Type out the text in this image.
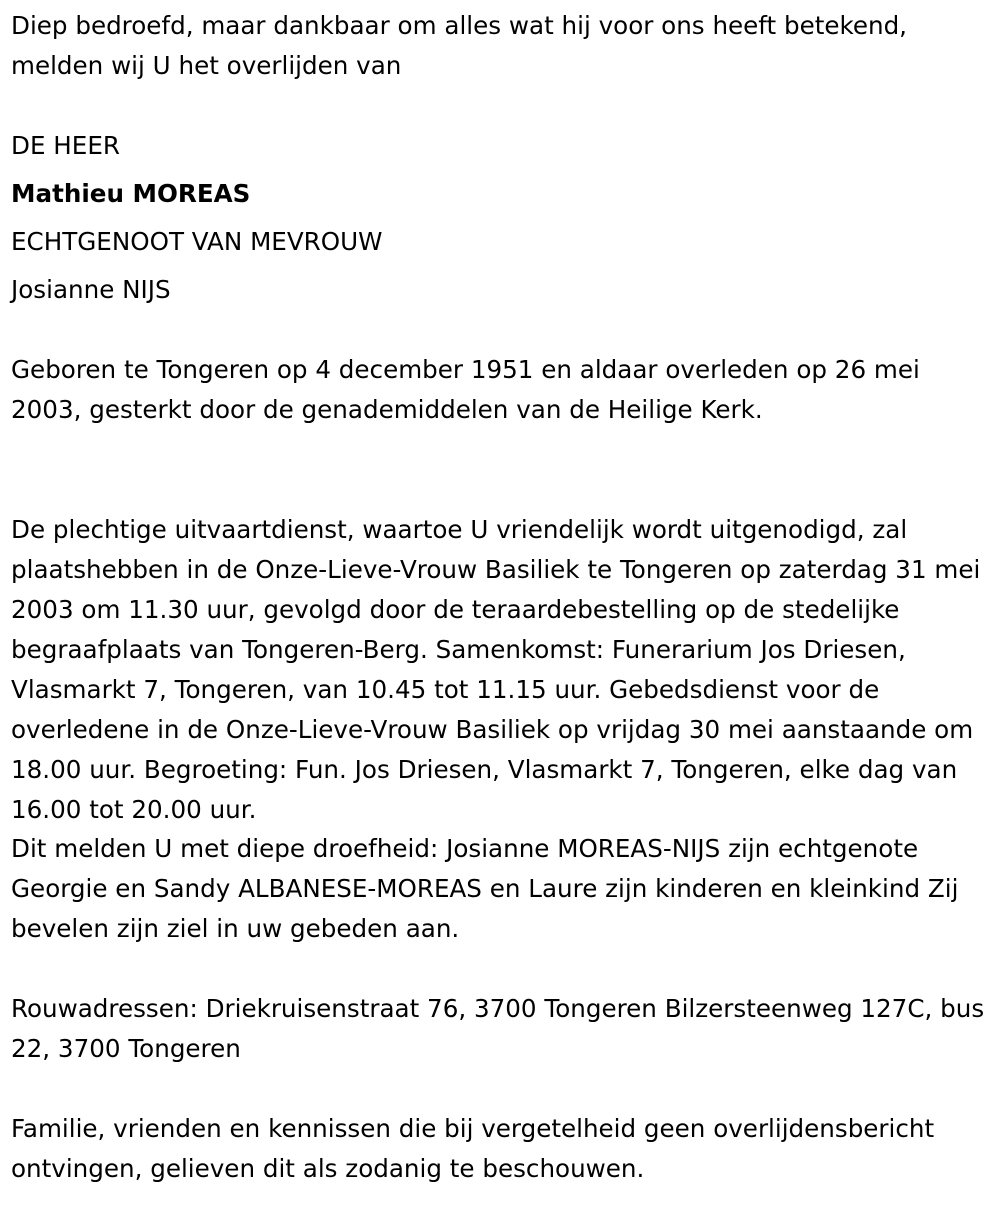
Diep bedroefd, maar dankbaar om alles wat hij voor ons heeft betekend, melden wij U het overlijden van

DE HEER

Mathieu MOREAS

ECHTGENOOT VAN MEVROUW

Josianne NIJS

Geboren te Tongeren op 4 december 1951 en aldaar overleden op 26 mei 2003, gesterkt door de genademiddelen van de Heilige Kerk.

De plechtige uitvaartdienst, waartoe U vriendelijk wordt uitgenodigd, zal plaatshebben in de Onze-Lieve-Vrouw Basiliek te Tongeren op zaterdag 31 mei 2003 om 11.30 uur, gevolgd door de teraardebestelling op de stedelijke begraafplaats van Tongeren-Berg. Samenkomst: Funerarium Jos Driesen, Vlasmarkt 7, Tongeren, van 10.45 tot 11.15 uur. Gebedsdienst voor de overledene in de Onze-Lieve-Vrouw Basiliek op vrijdag 30 mei aanstaande om 18.00 uur. Begroeting: Fun. Jos Driesen, Vlasmarkt 7, Tongeren, elke dag van 16.00 tot 20.00 uur.

Dit melden U met diepe droefheid: Josianne MOREAS-NIJS zijn echtgenote Georgie en Sandy ALBANESE-MOREAS en Laure zijn kinderen en kleinkind Zij bevelen zijn ziel in uw gebeden aan.

Rouwadressen: Driekruisenstraat 76, 3700 Tongeren Bilzersteenweg 127C, bus 22, 3700 Tongeren

Familie, vrienden en kennissen die bij vergetelheid geen overlijdensbericht ontvingen, gelieven dit als zodanig te beschouwen.
